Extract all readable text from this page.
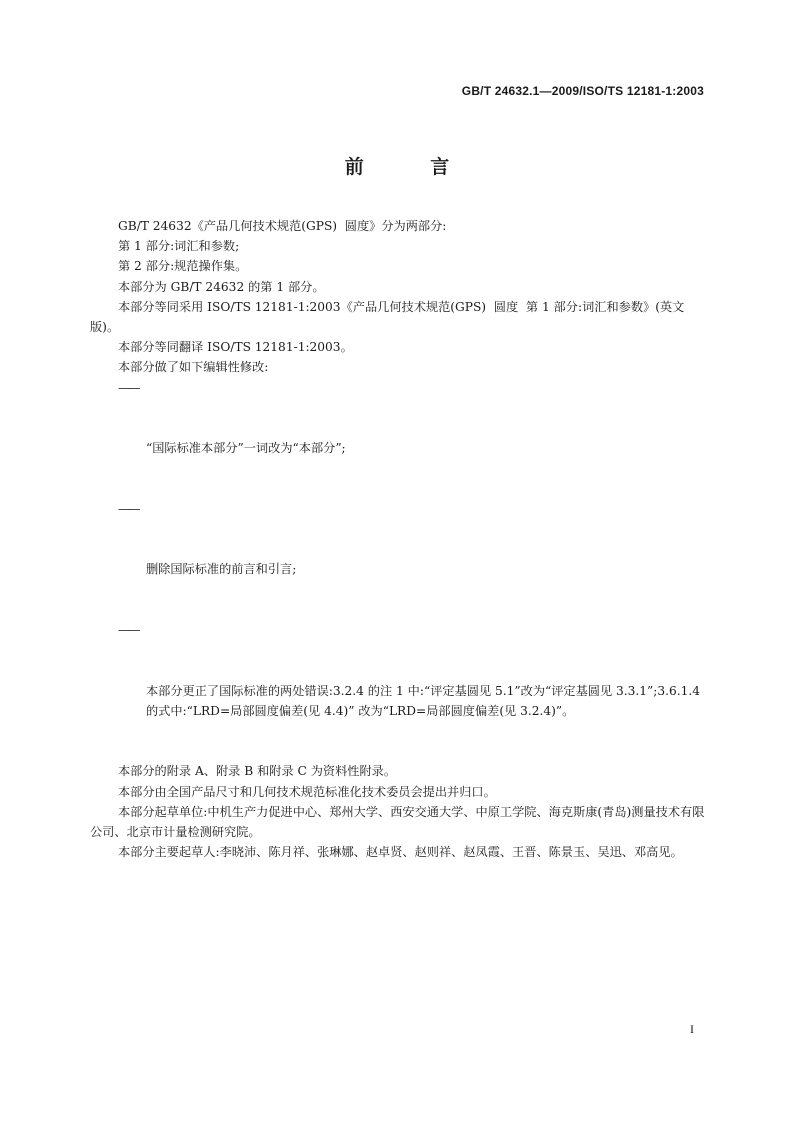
GB/T 24632.1—2009/ISO/TS 12181-1:2003
前 言

GB/T 24632《产品几何技术规范(GPS)  圆度》分为两部分:

第 1 部分:词汇和参数;

第 2 部分:规范操作集。

本部分为 GB/T 24632 的第 1 部分。

本部分等同采用 ISO/TS 12181-1:2003《产品几何技术规范(GPS)  圆度  第 1 部分:词汇和参数》(英文版)。

本部分等同翻译 ISO/TS 12181-1:2003。

本部分做了如下编辑性修改:

——

“国际标准本部分”一词改为“本部分”;

——

删除国际标准的前言和引言;

——

本部分更正了国际标准的两处错误:3.2.4 的注 1 中:“评定基圆见 5.1”改为“评定基圆见 3.3.1”;3.6.1.4 的式中:“LRD=局部圆度偏差(见 4.4)” 改为“LRD=局部圆度偏差(见 3.2.4)”。

本部分的附录 A、附录 B 和附录 C 为资料性附录。

本部分由全国产品尺寸和几何技术规范标准化技术委员会提出并归口。

本部分起草单位:中机生产力促进中心、郑州大学、西安交通大学、中原工学院、海克斯康(青岛)测量技术有限公司、北京市计量检测研究院。

本部分主要起草人:李晓沛、陈月祥、张琳娜、赵卓贤、赵则祥、赵凤霞、王晋、陈景玉、吴迅、邓高见。

I
